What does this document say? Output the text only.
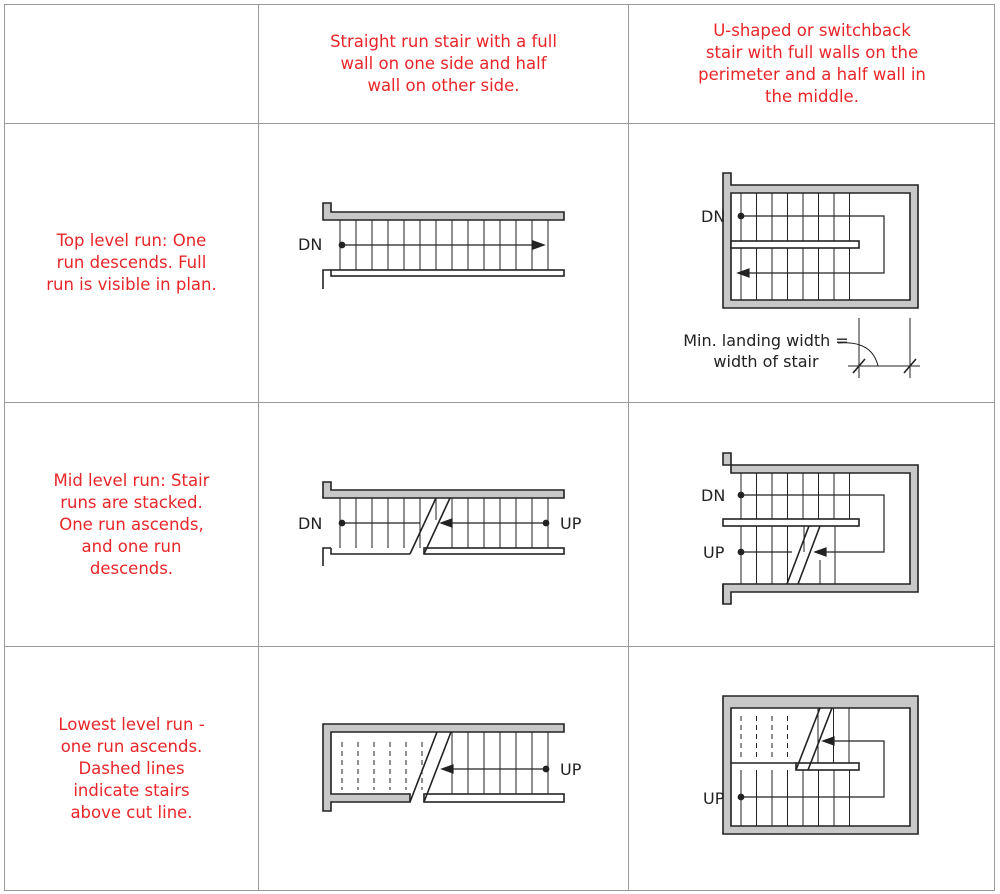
Straight run stair with a full
wall on one side and half
wall on other side.
U-shaped or switchback
stair with full walls on the
perimeter and a half wall in
the middle.
Top level run: One
run descends. Full
run is visible in plan.
Mid level run: Stair
runs are stacked.
One run ascends,
and one run
descends.
Lowest level run -
one run ascends.
Dashed lines
indicate stairs
above cut line.
DN
DN
Min. landing width =
width of stair
DN	UP
DN
UP
UP
UP
